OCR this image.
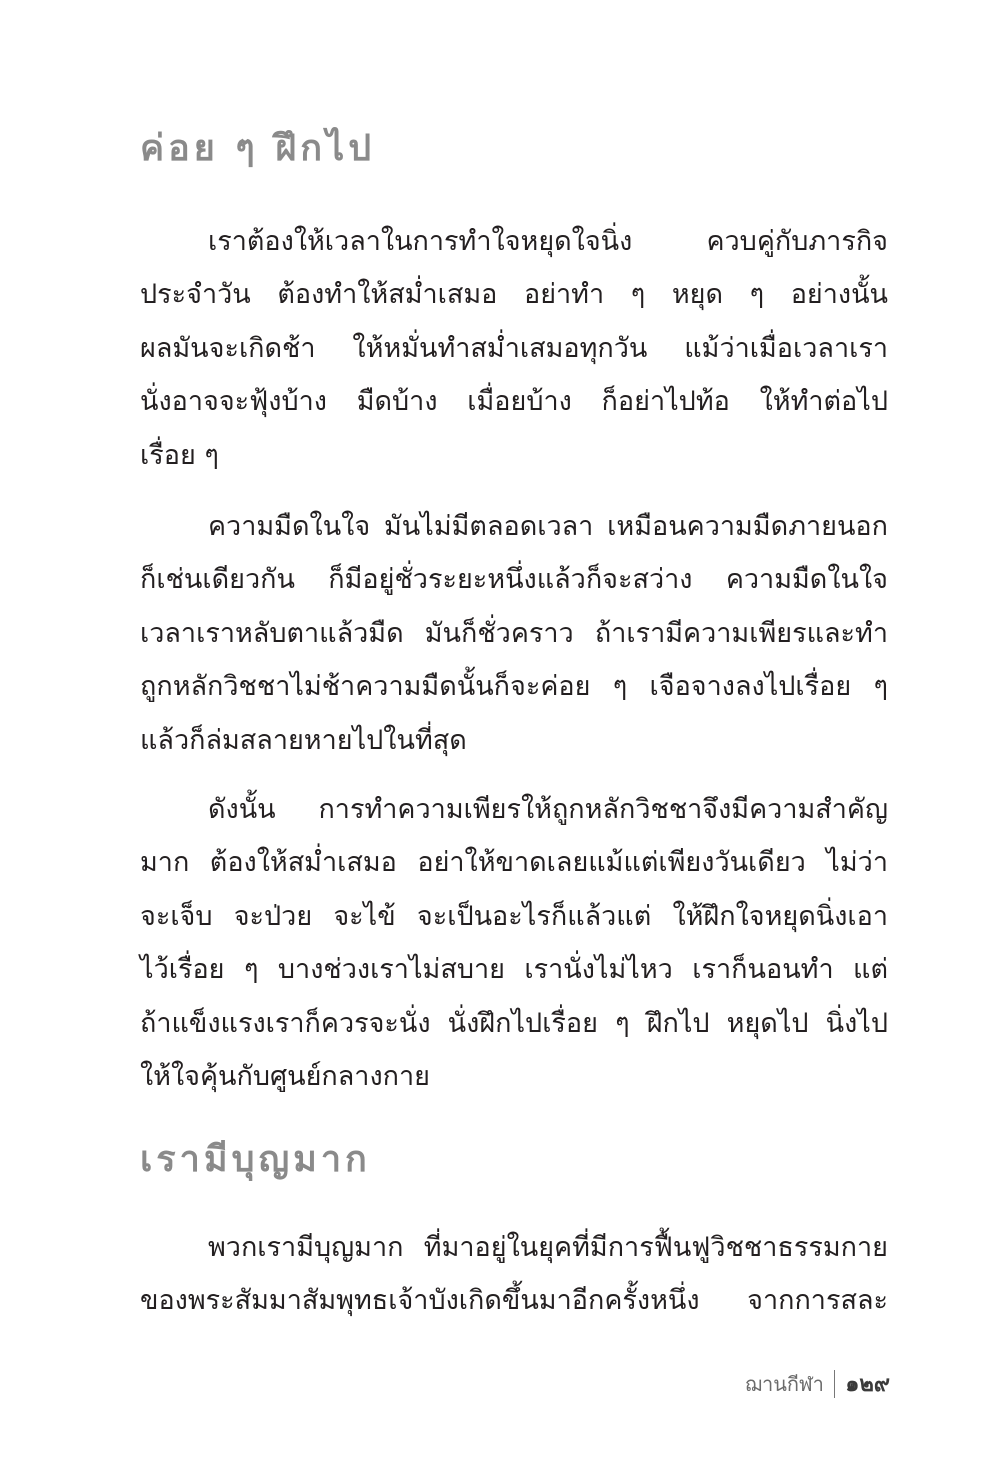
ค่อย ๆ ฝึกไป
เราต้องให้เวลาในการทำใจหยุดใจนิ่ง ควบคู่กับภารกิจ
ประจำวัน ต้องทำให้สม่ำเสมอ อย่าทำ ๆ หยุด ๆ อย่างนั้น
ผลมันจะเกิดช้า ให้หมั่นทำสม่ำเสมอทุกวัน แม้ว่าเมื่อเวลาเรา
นั่งอาจจะฟุ้งบ้าง มืดบ้าง เมื่อยบ้าง ก็อย่าไปท้อ ให้ทำต่อไป
เรื่อย ๆ
ความมืดในใจ มันไม่มีตลอดเวลา เหมือนความมืดภายนอก
ก็เช่นเดียวกัน ก็มีอยู่ชั่วระยะหนึ่งแล้วก็จะสว่าง ความมืดในใจ
เวลาเราหลับตาแล้วมืด มันก็ชั่วคราว ถ้าเรามีความเพียรและทำ
ถูกหลักวิชชาไม่ช้าความมืดนั้นก็จะค่อย ๆ เจือจางลงไปเรื่อย ๆ
แล้วก็ล่มสลายหายไปในที่สุด
ดังนั้น การทำความเพียรให้ถูกหลักวิชชาจึงมีความสำคัญ
มาก ต้องให้สม่ำเสมอ อย่าให้ขาดเลยแม้แต่เพียงวันเดียว ไม่ว่า
จะเจ็บ จะป่วย จะไข้ จะเป็นอะไรก็แล้วแต่ ให้ฝึกใจหยุดนิ่งเอา
ไว้เรื่อย ๆ บางช่วงเราไม่สบาย เรานั่งไม่ไหว เราก็นอนทำ แต่
ถ้าแข็งแรงเราก็ควรจะนั่ง นั่งฝึกไปเรื่อย ๆ ฝึกไป หยุดไป นิ่งไป
ให้ใจคุ้นกับศูนย์กลางกาย
เรามีบุญมาก
พวกเรามีบุญมาก ที่มาอยู่ในยุคที่มีการฟื้นฟูวิชชาธรรมกาย
ของพระสัมมาสัมพุทธเจ้าบังเกิดขึ้นมาอีกครั้งหนึ่ง จากการสละ
ฌานกีฬา ๑๒๙
